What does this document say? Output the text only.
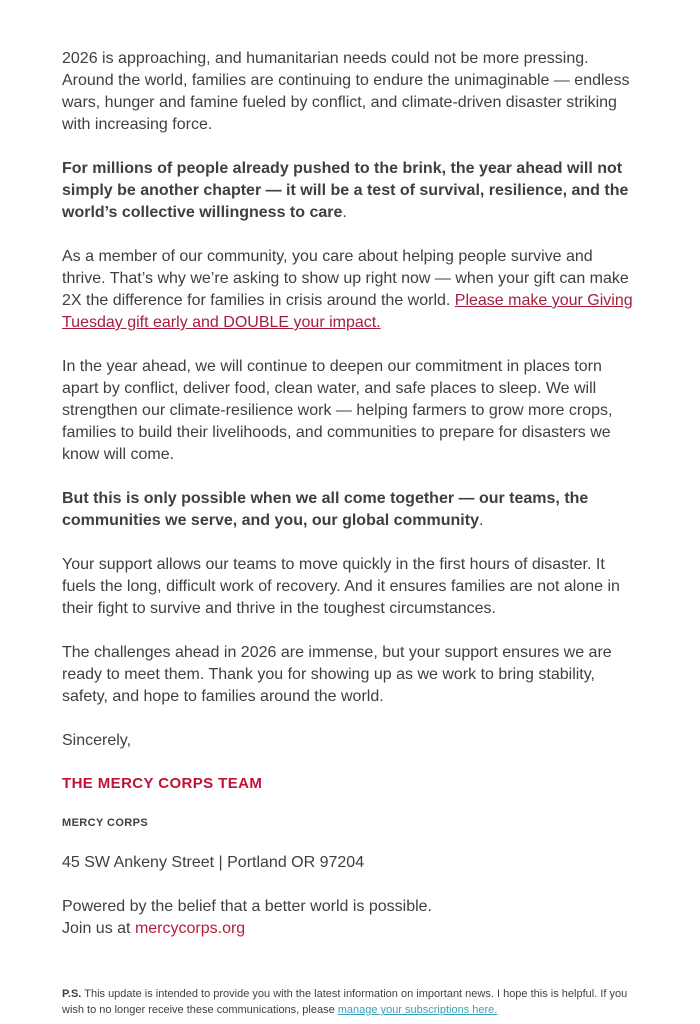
2026 is approaching, and humanitarian needs could not be more pressing. Around the world, families are continuing to endure the unimaginable — endless wars, hunger and famine fueled by conflict, and climate-driven disaster striking with increasing force.

For millions of people already pushed to the brink, the year ahead will not simply be another chapter — it will be a test of survival, resilience, and the world’s collective willingness to care.

As a member of our community, you care about helping people survive and thrive. That’s why we’re asking to show up right now — when your gift can make 2X the difference for families in crisis around the world. Please make your Giving Tuesday gift early and DOUBLE your impact.

In the year ahead, we will continue to deepen our commitment in places torn apart by conflict, deliver food, clean water, and safe places to sleep. We will strengthen our climate-resilience work — helping farmers to grow more crops, families to build their livelihoods, and communities to prepare for disasters we know will come.

But this is only possible when we all come together — our teams, the communities we serve, and you, our global community.

Your support allows our teams to move quickly in the first hours of disaster. It fuels the long, difficult work of recovery. And it ensures families are not alone in their fight to survive and thrive in the toughest circumstances.

The challenges ahead in 2026 are immense, but your support ensures we are ready to meet them. Thank you for showing up as we work to bring stability, safety, and hope to families around the world.

Sincerely,

THE MERCY CORPS TEAM

MERCY CORPS

45 SW Ankeny Street | Portland OR 97204

Powered by the belief that a better world is possible.
Join us at mercycorps.org

P.S. This update is intended to provide you with the latest information on important news. I hope this is helpful. If you wish to no longer receive these communications, please manage your subscriptions here.
